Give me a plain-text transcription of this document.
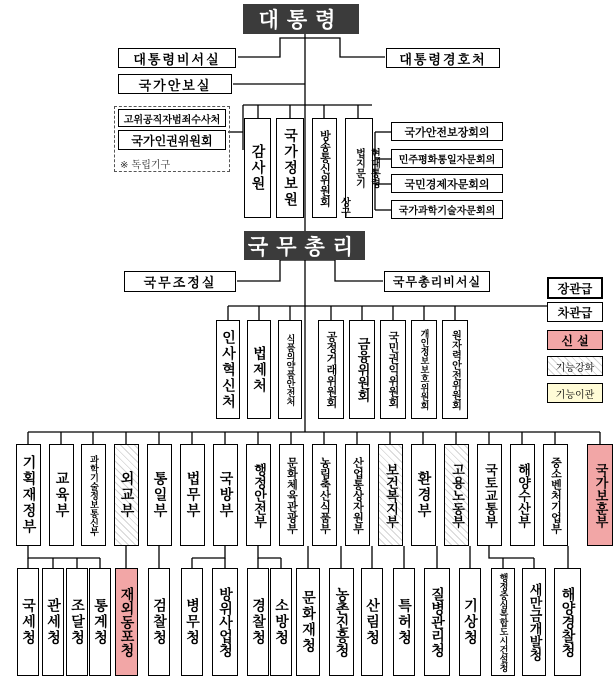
대통령
대통령비서실	대통령경호처
국가안보실
고위공직자범죄수사처
국가인권위원회
※ 독립기구	감사원	국가정보원	방송통신위원회	현대통령
법지문기
상구
국가안전보장회의
민주평화통일자문회의
국민경제자문회의
국가과학기술자문회의
국무총리
국무조정실	국무총리비서실
인사혁신처 법제처	식품의약품안전처	공정거래위원회	금융위원회	국민권익위원회	개인정보보호위원회	원자력안전위원회
장관급
차관급
신 설
기능강화
기능이관
기획재정부	교육부	과학기술정보통신부	외교부	통일부	법무부	국방부	행정안전부	문화체육관광부	농림축산식품부	산업통상자원부	보건복지부	환경부	고용노동부	국토교통부	해양수산부	중소벤처기업부	국가보훈부
국세청 관세청 조달청 통계청 재외동포청 검찰청 병무청	방위사업청	경찰청 소방청 문화재청	농촌진흥청	산림청 특허청	질병관리청	기상청	행정중심복합도시건설청	새만금개발청	해양경찰청
